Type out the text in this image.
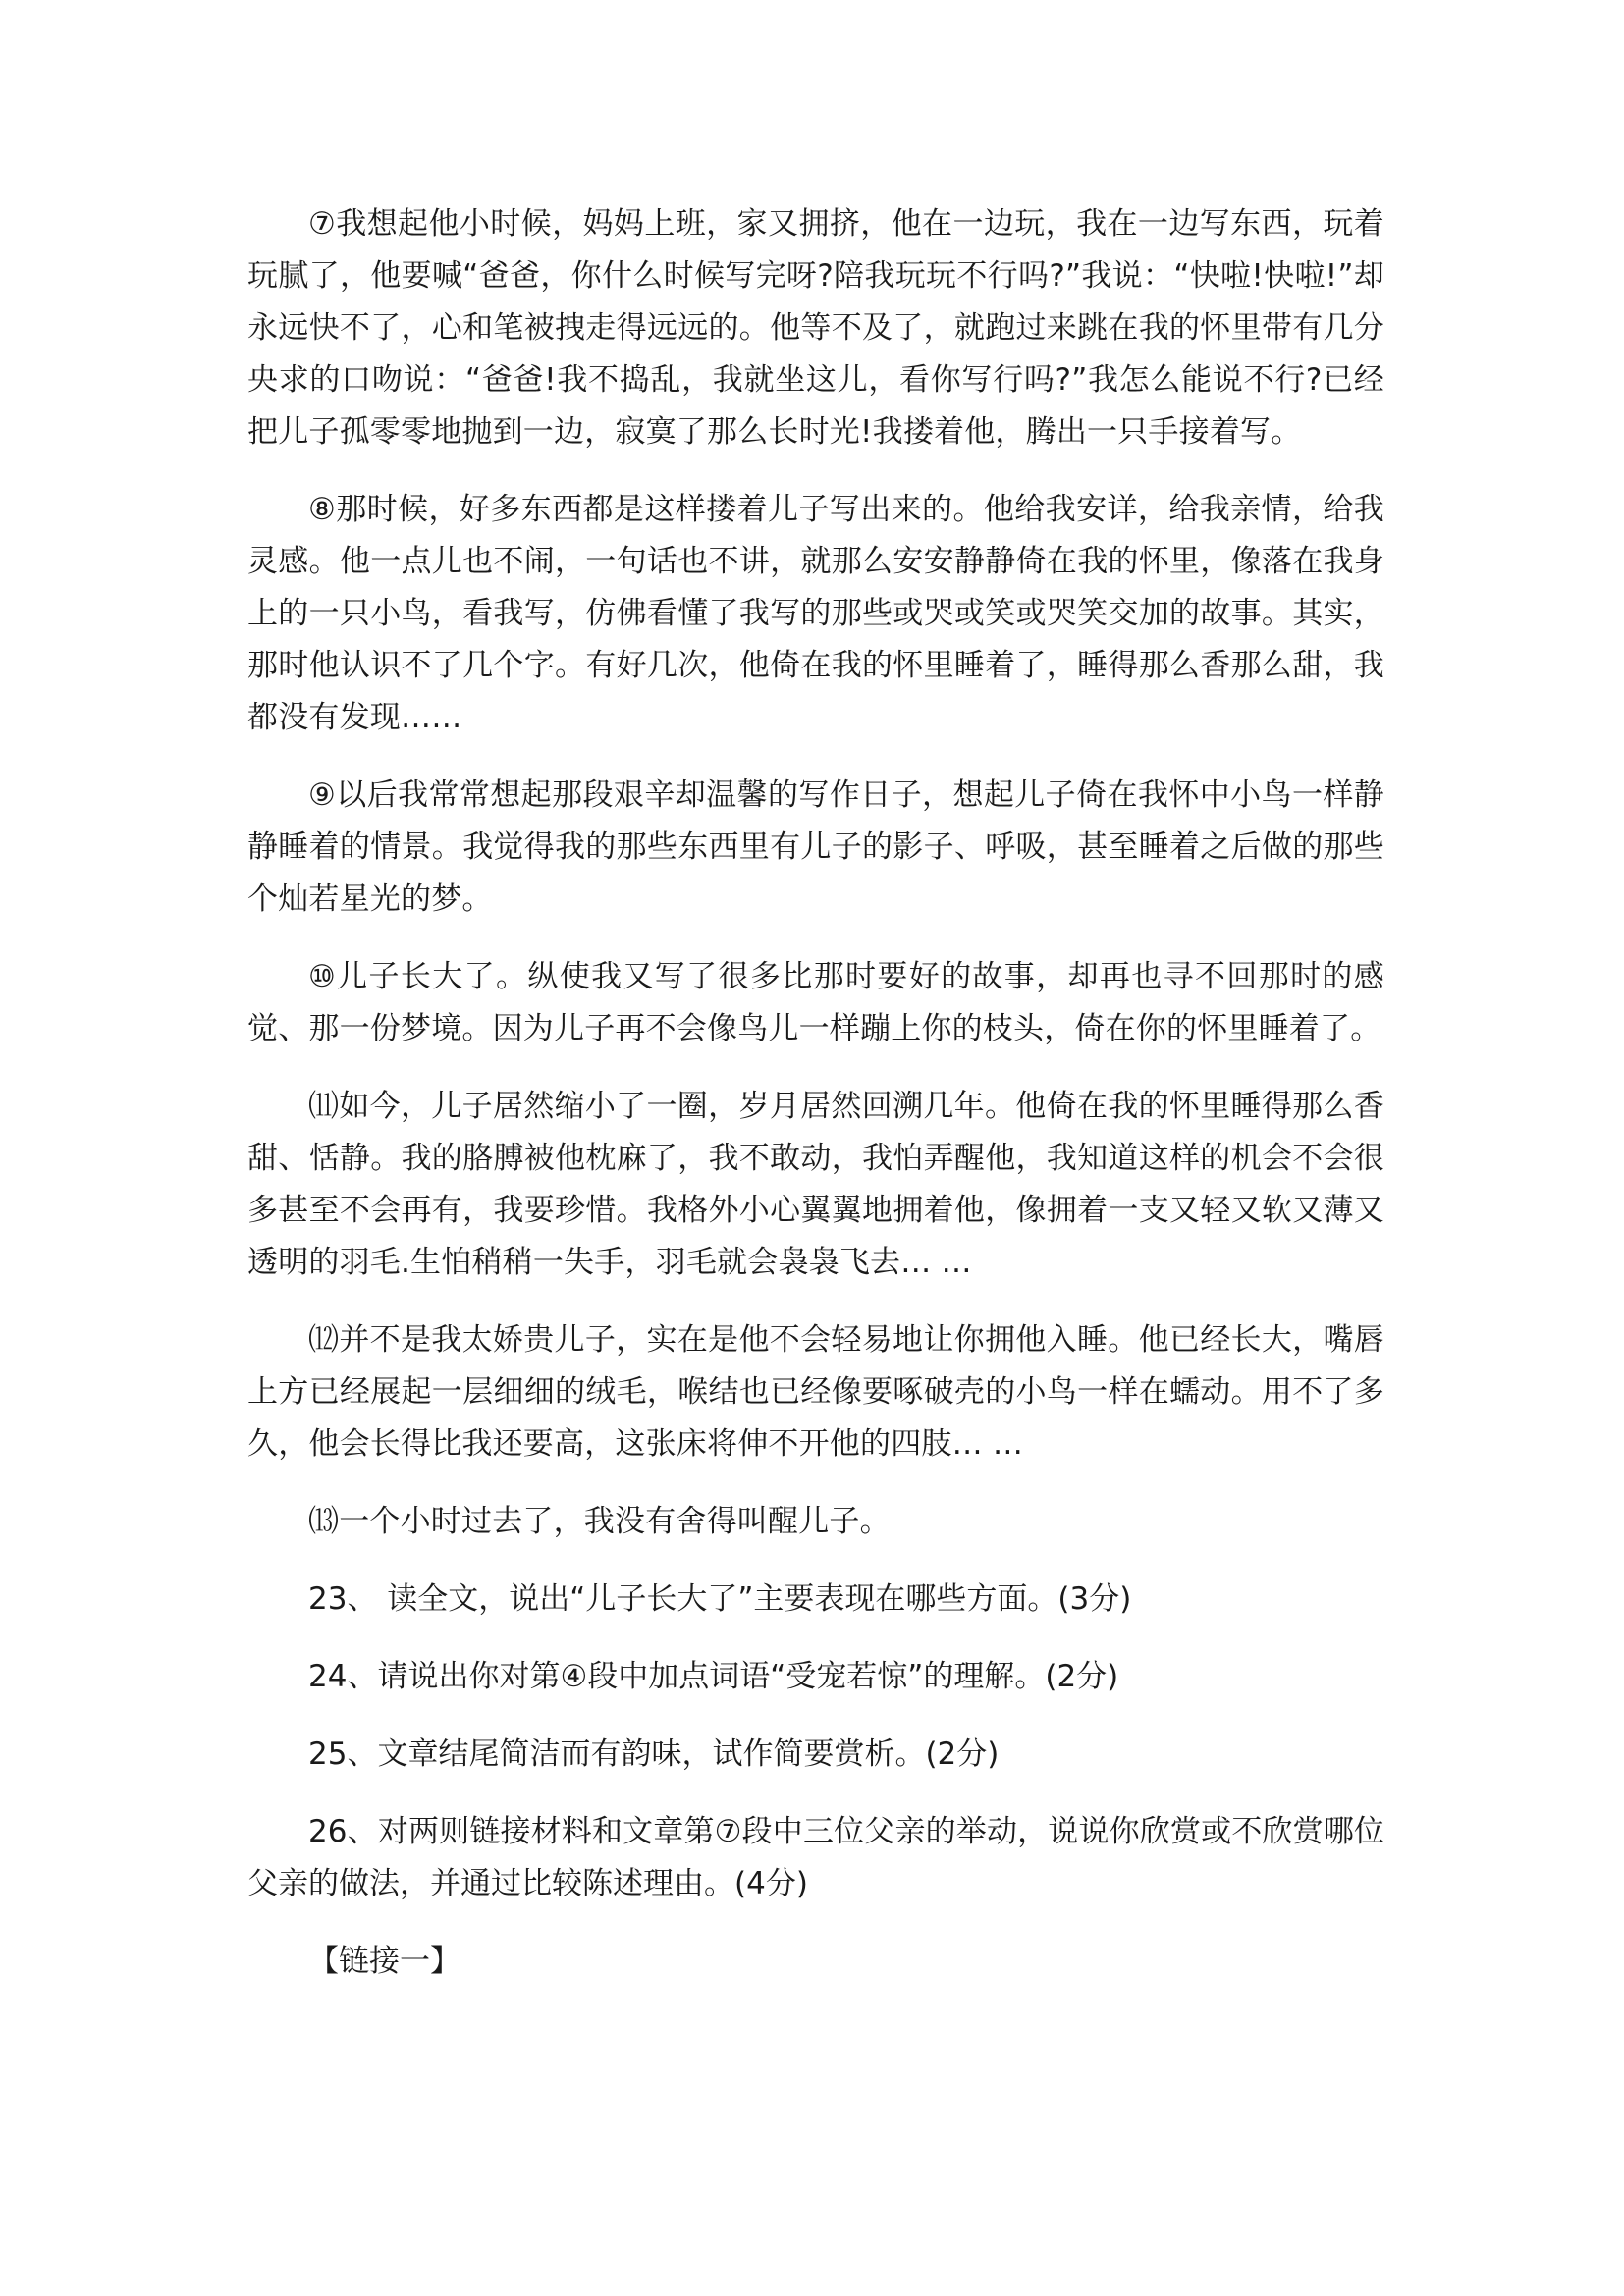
⑦我想起他小时候，妈妈上班，家又拥挤，他在一边玩，我在一边写东西，玩着玩腻了，他要喊“爸爸，你什么时候写完呀?陪我玩玩不行吗?”我说：“快啦!快啦!”却永远快不了，心和笔被拽走得远远的。他等不及了，就跑过来跳在我的怀里带有几分央求的口吻说：“爸爸!我不捣乱，我就坐这儿，看你写行吗?”我怎么能说不行?已经把儿子孤零零地抛到一边，寂寞了那么长时光!我搂着他，腾出一只手接着写。

⑧那时候，好多东西都是这样搂着儿子写出来的。他给我安详，给我亲情，给我灵感。他一点儿也不闹，一句话也不讲，就那么安安静静倚在我的怀里，像落在我身上的一只小鸟，看我写，仿佛看懂了我写的那些或哭或笑或哭笑交加的故事。其实，那时他认识不了几个字。有好几次，他倚在我的怀里睡着了，睡得那么香那么甜，我都没有发现……

⑨以后我常常想起那段艰辛却温馨的写作日子，想起儿子倚在我怀中小鸟一样静静睡着的情景。我觉得我的那些东西里有儿子的影子、呼吸，甚至睡着之后做的那些个灿若星光的梦。

⑩儿子长大了。纵使我又写了很多比那时要好的故事，却再也寻不回那时的感觉、那一份梦境。因为儿子再不会像鸟儿一样蹦上你的枝头，倚在你的怀里睡着了。

⑾如今，儿子居然缩小了一圈，岁月居然回溯几年。他倚在我的怀里睡得那么香甜、恬静。我的胳膊被他枕麻了，我不敢动，我怕弄醒他，我知道这样的机会不会很多甚至不会再有，我要珍惜。我格外小心翼翼地拥着他，像拥着一支又轻又软又薄又透明的羽毛.生怕稍稍一失手，羽毛就会袅袅飞去… …

⑿并不是我太娇贵儿子，实在是他不会轻易地让你拥他入睡。他已经长大，嘴唇上方已经展起一层细细的绒毛，喉结也已经像要啄破壳的小鸟一样在蠕动。用不了多久，他会长得比我还要高，这张床将伸不开他的四肢… …

⒀一个小时过去了，我没有舍得叫醒儿子。

23、 读全文，说出“儿子长大了”主要表现在哪些方面。(3分)

24、请说出你对第④段中加点词语“受宠若惊”的理解。(2分)

25、文章结尾简洁而有韵味，试作简要赏析。(2分)

26、对两则链接材料和文章第⑦段中三位父亲的举动，说说你欣赏或不欣赏哪位父亲的做法，并通过比较陈述理由。(4分)

【链接一】
